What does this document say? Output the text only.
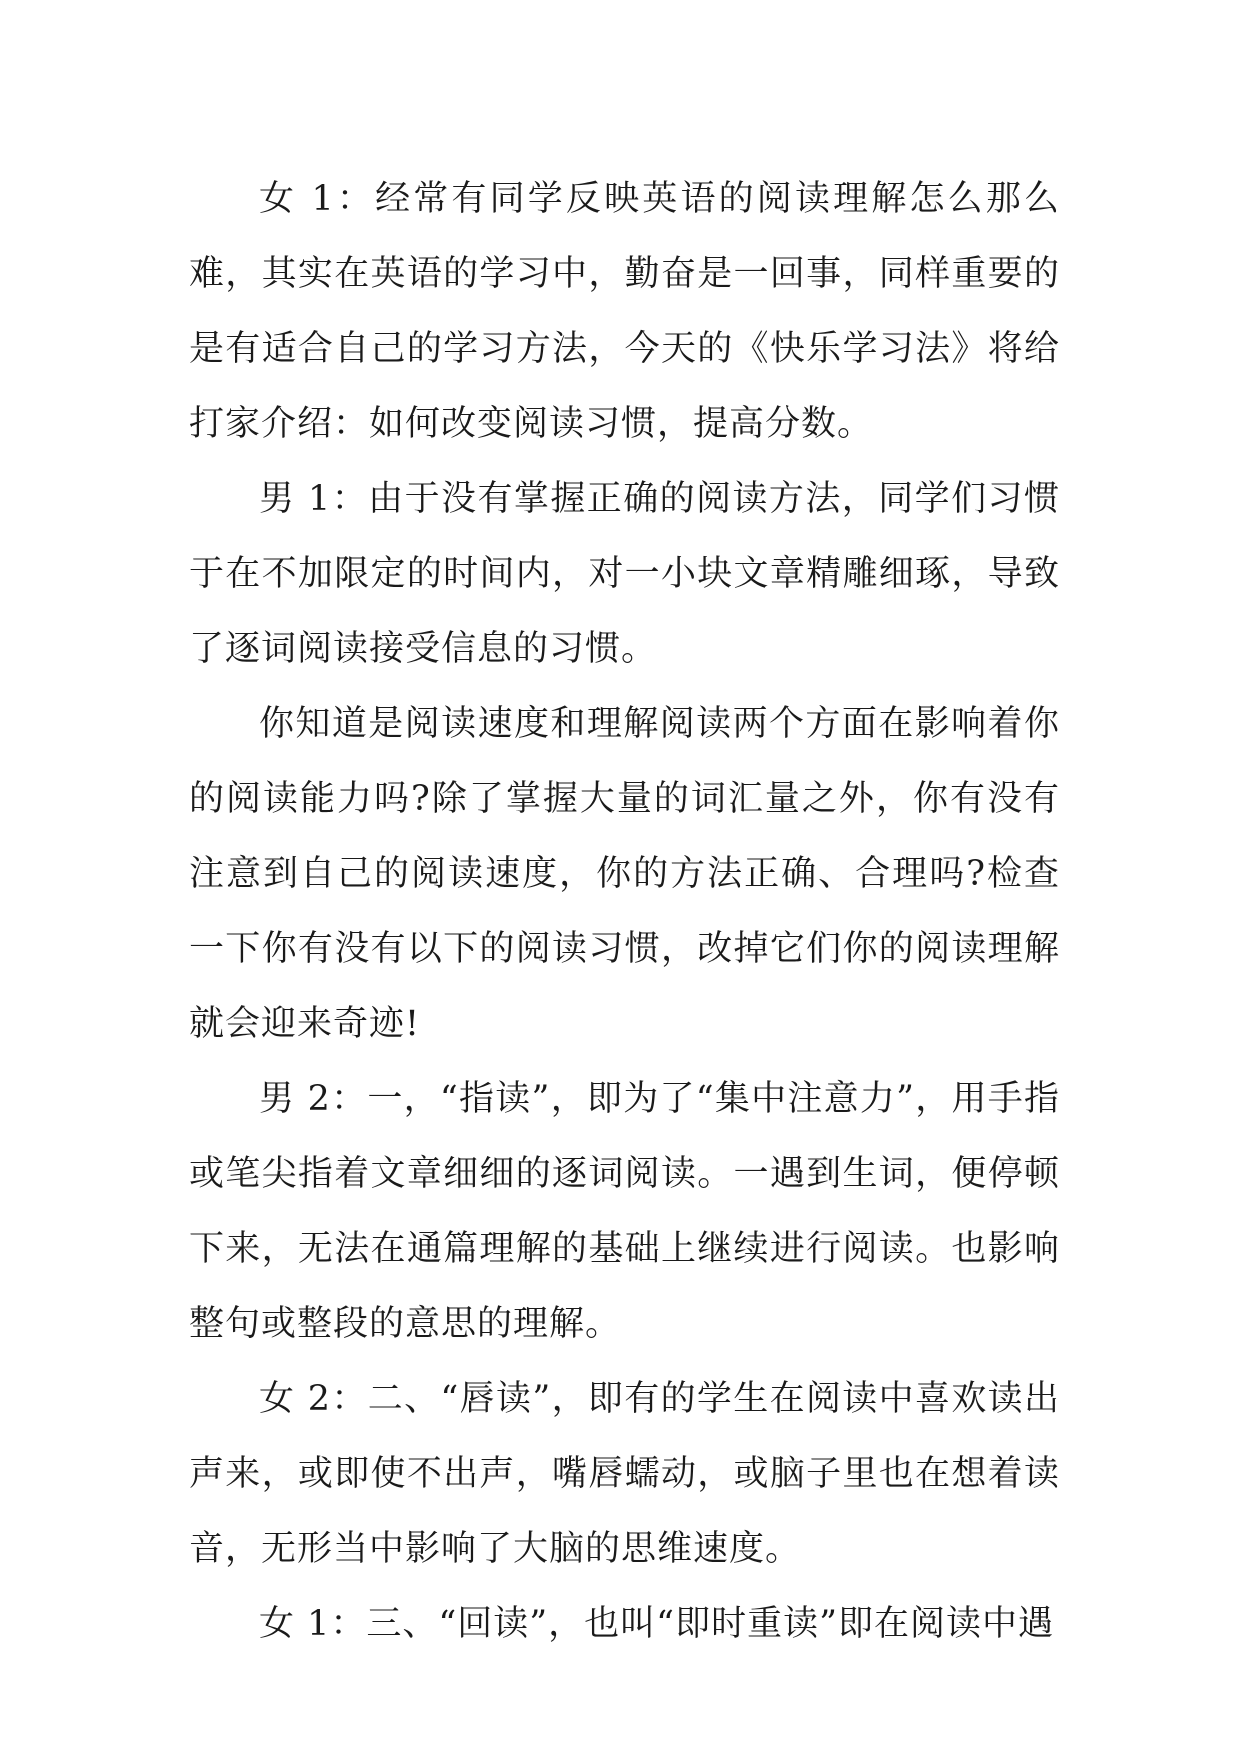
女 1：经常有同学反映英语的阅读理解怎么那么难，其实在英语的学习中，勤奋是一回事，同样重要的是有适合自己的学习方法，今天的《快乐学习法》将给打家介绍：如何改变阅读习惯，提高分数。

男 1：由于没有掌握正确的阅读方法，同学们习惯于在不加限定的时间内，对一小块文章精雕细琢，导致了逐词阅读接受信息的习惯。

你知道是阅读速度和理解阅读两个方面在影响着你的阅读能力吗?除了掌握大量的词汇量之外，你有没有注意到自己的阅读速度，你的方法正确、合理吗?检查一下你有没有以下的阅读习惯，改掉它们你的阅读理解就会迎来奇迹!

男 2：一，“指读”，即为了“集中注意力”，用手指或笔尖指着文章细细的逐词阅读。一遇到生词，便停顿下来，无法在通篇理解的基础上继续进行阅读。也影响整句或整段的意思的理解。

女 2：二、“唇读”，即有的学生在阅读中喜欢读出声来，或即使不出声，嘴唇蠕动，或脑子里也在想着读音，无形当中影响了大脑的思维速度。

女 1：三、“回读”，也叫“即时重读”即在阅读中遇
